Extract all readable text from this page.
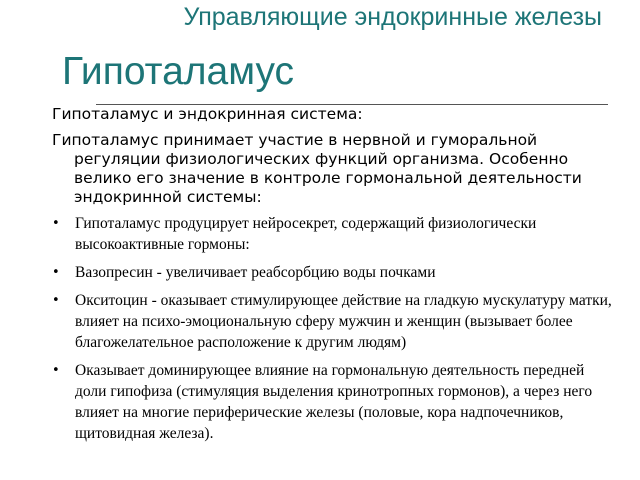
Управляющие эндокринные железы
Гипоталамус

Гипоталамус и эндокринная система:

Гипоталамус принимает участие в нервной и гуморальной регуляции физиологических функций организма. Особенно велико его значение в контроле гормональной деятельности эндокринной системы:

• Гипоталамус продуцирует нейросекрет, содержащий физиологически высокоактивные гормоны:
• Вазопресин - увеличивает реабсорбцию воды почками
• Окситоцин - оказывает стимулирующее действие на гладкую мускулатуру матки, влияет на психо-эмоциональную сферу мужчин и женщин (вызывает более благожелательное расположение к другим людям)
• Оказывает доминирующее влияние на гормональную деятельность передней доли гипофиза (стимуляция выделения кринотропных гормонов), а через него влияет на многие периферические железы (половые, кора надпочечников, щитовидная железа).
